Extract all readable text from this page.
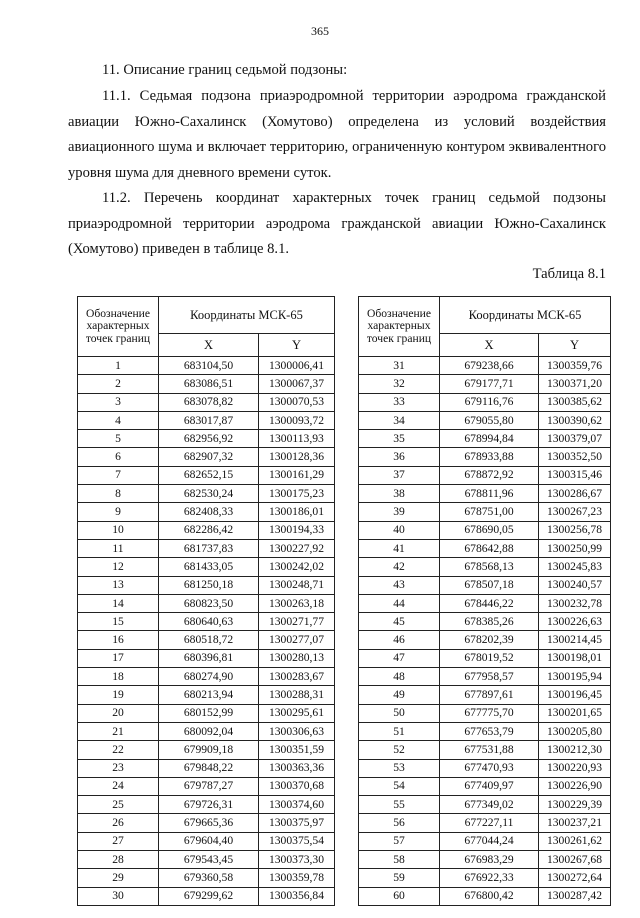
365

11. Описание границ седьмой подзоны:

11.1. Седьмая подзона приаэродромной территории аэродрома гражданской авиации Южно-Сахалинск (Хомутово) определена из условий воздействия авиационного шума и включает территорию, ограниченную контуром эквивалентного уровня шума для дневного времени суток.

11.2. Перечень координат характерных точек границ седьмой подзоны приаэродромной территории аэродрома гражданской авиации Южно-Сахалинск (Хомутово) приведен в таблице 8.1.

Таблица 8.1
Обозначение характерных точек границ	Координаты МСК-65	
	X	Y
1	683104,50	1300006,41
2	683086,51	1300067,37
3	683078,82	1300070,53
4	683017,87	1300093,72
5	682956,92	1300113,93
6	682907,32	1300128,36
7	682652,15	1300161,29
8	682530,24	1300175,23
9	682408,33	1300186,01
10	682286,42	1300194,33
11	681737,83	1300227,92
12	681433,05	1300242,02
13	681250,18	1300248,71
14	680823,50	1300263,18
15	680640,63	1300271,77
16	680518,72	1300277,07
17	680396,81	1300280,13
18	680274,90	1300283,67
19	680213,94	1300288,31
20	680152,99	1300295,61
21	680092,04	1300306,63
22	679909,18	1300351,59
23	679848,22	1300363,36
24	679787,27	1300370,68
25	679726,31	1300374,60
26	679665,36	1300375,97
27	679604,40	1300375,54
28	679543,45	1300373,30
29	679360,58	1300359,78
30	679299,62	1300356,84
Обозначение характерных точек границ	Координаты МСК-65	
	X	Y
31	679238,66	1300359,76
32	679177,71	1300371,20
33	679116,76	1300385,62
34	679055,80	1300390,62
35	678994,84	1300379,07
36	678933,88	1300352,50
37	678872,92	1300315,46
38	678811,96	1300286,67
39	678751,00	1300267,23
40	678690,05	1300256,78
41	678642,88	1300250,99
42	678568,13	1300245,83
43	678507,18	1300240,57
44	678446,22	1300232,78
45	678385,26	1300226,63
46	678202,39	1300214,45
47	678019,52	1300198,01
48	677958,57	1300195,94
49	677897,61	1300196,45
50	677775,70	1300201,65
51	677653,79	1300205,80
52	677531,88	1300212,30
53	677470,93	1300220,93
54	677409,97	1300226,90
55	677349,02	1300229,39
56	677227,11	1300237,21
57	677044,24	1300261,62
58	676983,29	1300267,68
59	676922,33	1300272,64
60	676800,42	1300287,42
